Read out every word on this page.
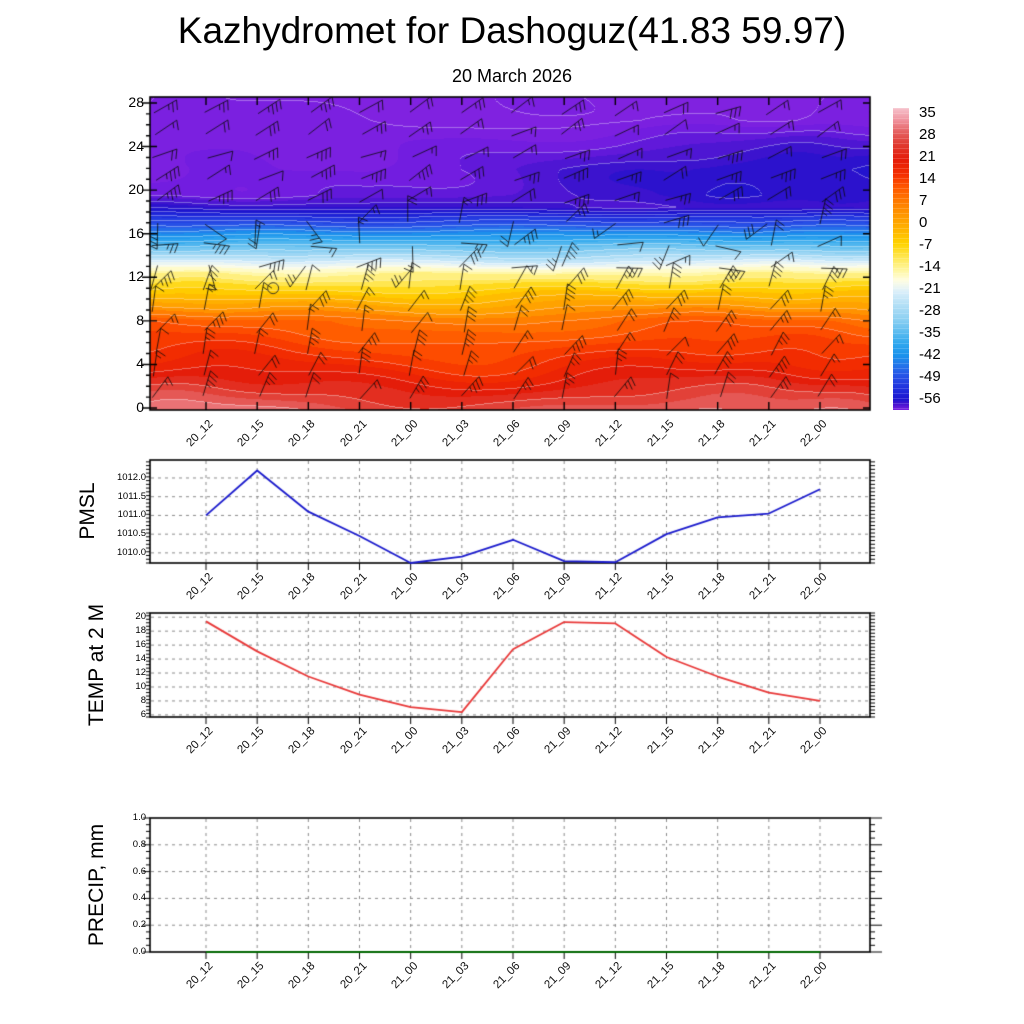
20_12 20_15 20_18 20_21 21_00 21_03 21_06 21_09 21_12 21_15 21_18 21_21 22_00
20_12 20_15 20_18 20_21 21_00 21_03 21_06 21_09 21_12 21_15 21_18 21_21 22_00
20_12 20_15 20_18 20_21 21_00 21_03 21_06 21_09 21_12 21_15 21_18 21_21 22_00
20_12 20_15 20_18 20_21 21_00 21_03 21_06 21_09 21_12 21_15 21_18 21_21 22_00
0
4
8
12
16
20
24
28
35
28
21
14
7
0
-7
-14
-21
-28
-35
-42
-49
-56
1012.0
1011.5
1011.0
1010.5
1010.0
20
18
16
14
12
10
8
6
1.0
0.8
0.6
0.4
0.2
0.0
PMSL
TEMP at 2 M
PRECIP, mm
